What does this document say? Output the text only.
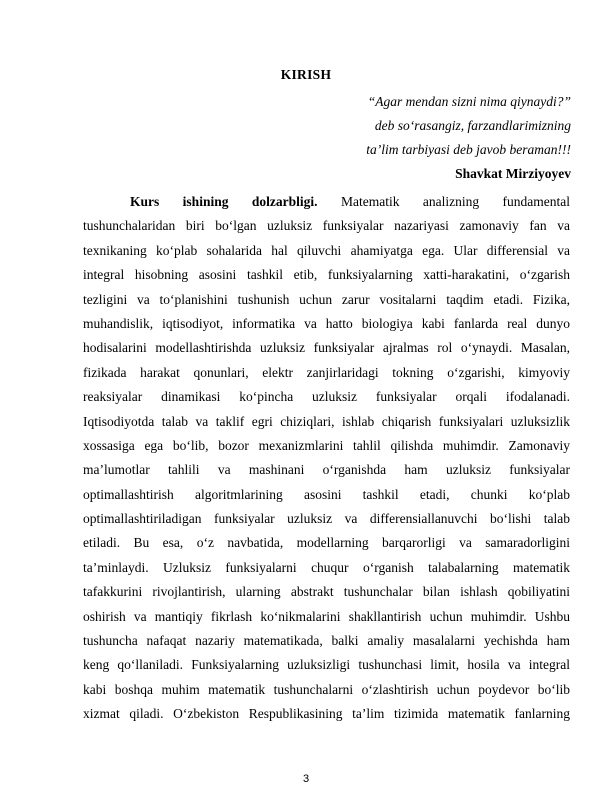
KIRISH
“Agar mendan sizni nima qiynaydi?”
deb so‘rasangiz, farzandlarimizning
ta’lim tarbiyasi deb javob beraman!!!
Shavkat Mirziyoyev
Kurs ishining dolzarbligi. Matematik analizning fundamental
tushunchalaridan biri bo‘lgan uzluksiz funksiyalar nazariyasi zamonaviy fan va
texnikaning ko‘plab sohalarida hal qiluvchi ahamiyatga ega. Ular differensial va
integral hisobning asosini tashkil etib, funksiyalarning xatti-harakatini, o‘zgarish
tezligini va to‘planishini tushunish uchun zarur vositalarni taqdim etadi. Fizika,
muhandislik, iqtisodiyot, informatika va hatto biologiya kabi fanlarda real dunyo
hodisalarini modellashtirishda uzluksiz funksiyalar ajralmas rol o‘ynaydi. Masalan,
fizikada harakat qonunlari, elektr zanjirlaridagi tokning o‘zgarishi, kimyoviy
reaksiyalar dinamikasi ko‘pincha uzluksiz funksiyalar orqali ifodalanadi.
Iqtisodiyotda talab va taklif egri chiziqlari, ishlab chiqarish funksiyalari uzluksizlik
xossasiga ega bo‘lib, bozor mexanizmlarini tahlil qilishda muhimdir. Zamonaviy
ma’lumotlar tahlili va mashinani o‘rganishda ham uzluksiz funksiyalar
optimallashtirish algoritmlarining asosini tashkil etadi, chunki ko‘plab
optimallashtiriladigan funksiyalar uzluksiz va differensiallanuvchi bo‘lishi talab
etiladi. Bu esa, o‘z navbatida, modellarning barqarorligi va samaradorligini
ta’minlaydi. Uzluksiz funksiyalarni chuqur o‘rganish talabalarning matematik
tafakkurini rivojlantirish, ularning abstrakt tushunchalar bilan ishlash qobiliyatini
oshirish va mantiqiy fikrlash ko‘nikmalarini shakllantirish uchun muhimdir. Ushbu
tushuncha nafaqat nazariy matematikada, balki amaliy masalalarni yechishda ham
keng qo‘llaniladi. Funksiyalarning uzluksizligi tushunchasi limit, hosila va integral
kabi boshqa muhim matematik tushunchalarni o‘zlashtirish uchun poydevor bo‘lib
xizmat qiladi. O‘zbekiston Respublikasining ta’lim tizimida matematik fanlarning
3
